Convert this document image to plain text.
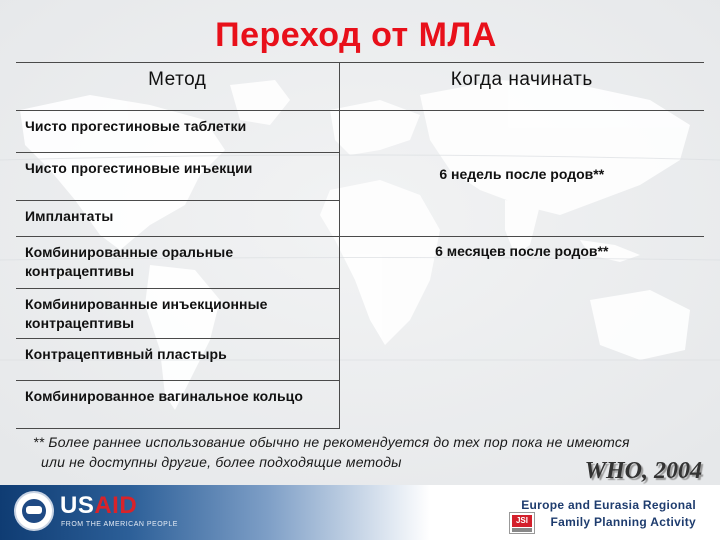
Переход от МЛА
Метод	Когда начинать
Чисто прогестиновые таблетки	6 недель после родов**
Чисто прогестиновые инъекции	
Имплантаты	
Комбинированные оральные контрацептивы	6 месяцев после родов**
Комбинированные инъекционные контрацептивы	
Контрацептивный пластырь	
Комбинированное вагинальное кольцо	
** Более раннее использование обычно не рекомендуется до тех пор пока не имеются
или не доступны другие, более подходящие методы	WHO, 2004
USAID
FROM THE AMERICAN PEOPLE	JSI
Europe and Eurasia Regional
Family Planning Activity
